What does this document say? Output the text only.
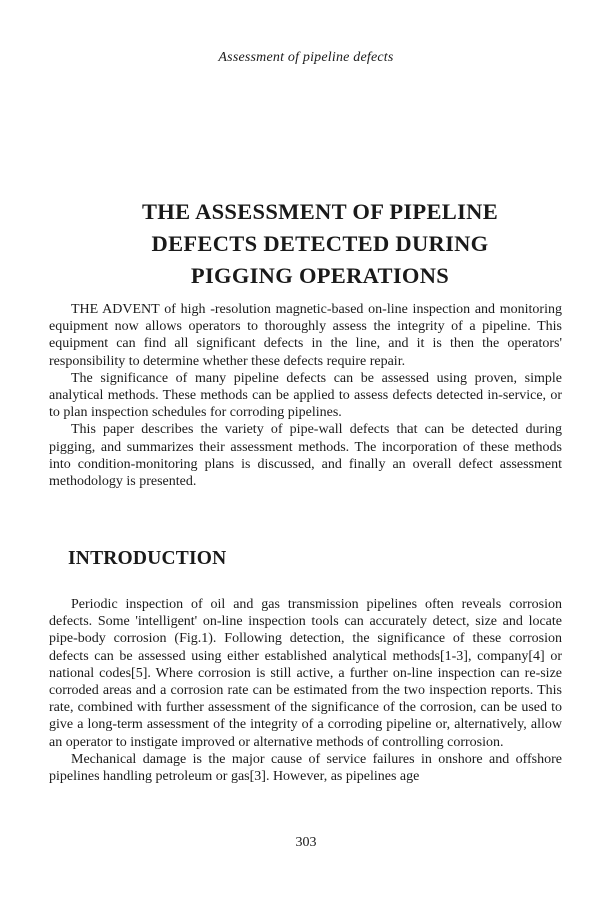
Assessment of pipeline defects
THE ASSESSMENT OF PIPELINE
DEFECTS DETECTED DURING
PIGGING OPERATIONS

THE ADVENT of high -resolution magnetic-based on-line inspection and monitoring equipment now allows operators to thoroughly assess the integrity of a pipeline. This equipment can find all significant defects in the line, and it is then the operators' responsibility to determine whether these defects require repair.

The significance of many pipeline defects can be assessed using proven, simple analytical methods. These methods can be applied to assess defects detected in-service, or to plan inspection schedules for corroding pipelines.

This paper describes the variety of pipe-wall defects that can be detected during pigging, and summarizes their assessment methods. The incorporation of these methods into condition-monitoring plans is discussed, and finally an overall defect assessment methodology is presented.

INTRODUCTION

Periodic inspection of oil and gas transmission pipelines often reveals corrosion defects. Some 'intelligent' on-line inspection tools can accurately detect, size and locate pipe-body corrosion (Fig.1). Following detection, the significance of these corrosion defects can be assessed using either established analytical methods[1-3], company[4] or national codes[5]. Where corrosion is still active, a further on-line inspection can re-size corroded areas and a corrosion rate can be estimated from the two inspection reports. This rate, combined with further assessment of the significance of the corrosion, can be used to give a long-term assessment of the integrity of a corroding pipeline or, alternatively, allow an operator to instigate improved or alternative methods of controlling corrosion.

Mechanical damage is the major cause of service failures in onshore and offshore pipelines handling petroleum or gas[3]. However, as pipelines age

303
